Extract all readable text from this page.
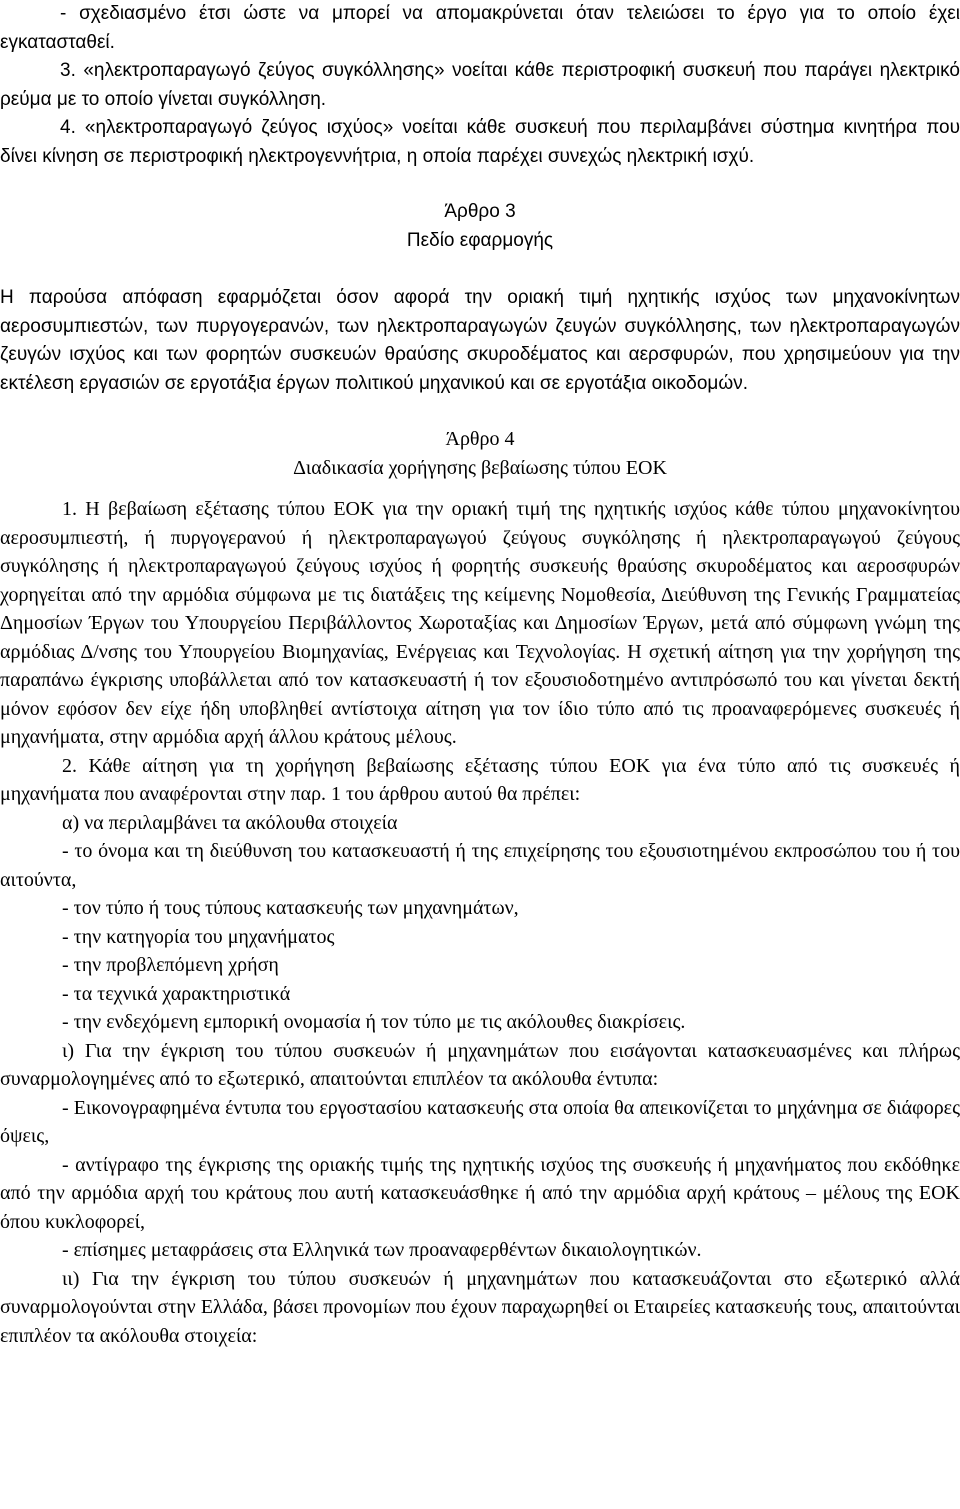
- σχεδιασμένο έτσι ώστε να μπορεί να απομακρύνεται όταν τελειώσει το έργο για το οποίο έχει εγκατασταθεί.

3. «ηλεκτροπαραγωγό ζεύγος συγκόλλησης» νοείται κάθε περιστροφική συσκευή που παράγει ηλεκτρικό ρεύμα με το οποίο γίνεται συγκόλληση.

4. «ηλεκτροπαραγωγό ζεύγος ισχύος» νοείται κάθε συσκευή που περιλαμβάνει σύστημα κινητήρα που δίνει κίνηση σε περιστροφική ηλεκτρογεννήτρια, η οποία παρέχει συνεχώς ηλεκτρική ισχύ.

Άρθρο 3

Πεδίο εφαρμογής

Η παρούσα απόφαση εφαρμόζεται όσον αφορά την οριακή τιμή ηχητικής ισχύος των μηχανοκίνητων αεροσυμπιεστών, των πυργογερανών, των ηλεκτροπαραγωγών ζευγών συγκόλλησης, των ηλεκτροπαραγωγών ζευγών ισχύος και των φορητών συσκευών θραύσης σκυροδέματος και αερσφυρών, που χρησιμεύουν για την εκτέλεση εργασιών σε εργοτάξια έργων πολιτικού μηχανικού και σε εργοτάξια οικοδομών.

Άρθρο 4

Διαδικασία χορήγησης βεβαίωσης τύπου ΕΟΚ

1. Η βεβαίωση εξέτασης τύπου ΕΟΚ για την οριακή τιμή της ηχητικής ισχύος κάθε τύπου μηχανοκίνητου αεροσυμπιεστή, ή πυργογερανού ή ηλεκτροπαραγωγού ζεύγους συγκόλησης ή ηλεκτροπαραγωγού ζεύγους συγκόλησης ή ηλεκτροπαραγωγού ζεύγους ισχύος ή φορητής συσκευής θραύσης σκυροδέματος και αεροσφυρών χορηγείται από την αρμόδια σύμφωνα με τις διατάξεις της κείμενης Νομοθεσία, Διεύθυνση της Γενικής Γραμματείας Δημοσίων Έργων του Υπουργείου Περιβάλλοντος Χωροταξίας και Δημοσίων Έργων, μετά από σύμφωνη γνώμη της αρμόδιας Δ/νσης του Υπουργείου Βιομηχανίας, Ενέργειας και Τεχνολογίας. Η σχετική αίτηση για την χορήγηση της παραπάνω έγκρισης υποβάλλεται από τον κατασκευαστή ή τον εξουσιοδοτημένο αντιπρόσωπό του και γίνεται δεκτή μόνον εφόσον δεν είχε ήδη υποβληθεί αντίστοιχα αίτηση για τον ίδιο τύπο από τις προαναφερόμενες συσκευές ή μηχανήματα, στην αρμόδια αρχή άλλου κράτους μέλους.

2. Κάθε αίτηση για τη χορήγηση βεβαίωσης εξέτασης τύπου ΕΟΚ για ένα τύπο από τις συσκευές ή μηχανήματα που αναφέρονται στην παρ. 1 του άρθρου αυτού θα πρέπει:

α) να περιλαμβάνει τα ακόλουθα στοιχεία

- το όνομα και τη διεύθυνση του κατασκευαστή ή της επιχείρησης του εξουσιοτημένου εκπροσώπου του ή του αιτούντα,

- τον τύπο ή τους τύπους κατασκευής των μηχανημάτων,

- την κατηγορία του μηχανήματος

- την προβλεπόμενη χρήση

- τα τεχνικά χαρακτηριστικά

- την ενδεχόμενη εμπορική ονομασία ή τον τύπο με τις ακόλουθες διακρίσεις.

ι) Για την έγκριση του τύπου συσκευών ή μηχανημάτων που εισάγονται κατασκευασμένες και πλήρως συναρμολογημένες από το εξωτερικό, απαιτούνται επιπλέον τα ακόλουθα έντυπα:

- Εικονογραφημένα έντυπα του εργοστασίου κατασκευής στα οποία θα απεικονίζεται το μηχάνημα σε διάφορες όψεις,

- αντίγραφο της έγκρισης της οριακής τιμής της ηχητικής ισχύος της συσκευής ή μηχανήματος που εκδόθηκε από την αρμόδια αρχή του κράτους που αυτή κατασκευάσθηκε ή από την αρμόδια αρχή κράτους – μέλους της ΕΟΚ όπου κυκλοφορεί,

- επίσημες μεταφράσεις στα Ελληνικά των προαναφερθέντων δικαιολογητικών.

ιι) Για την έγκριση του τύπου συσκευών ή μηχανημάτων που κατασκευάζονται στο εξωτερικό αλλά συναρμολογούνται στην Ελλάδα, βάσει προνομίων που έχουν παραχωρηθεί οι Εταιρείες κατασκευής τους, απαιτούνται επιπλέον τα ακόλουθα στοιχεία:
